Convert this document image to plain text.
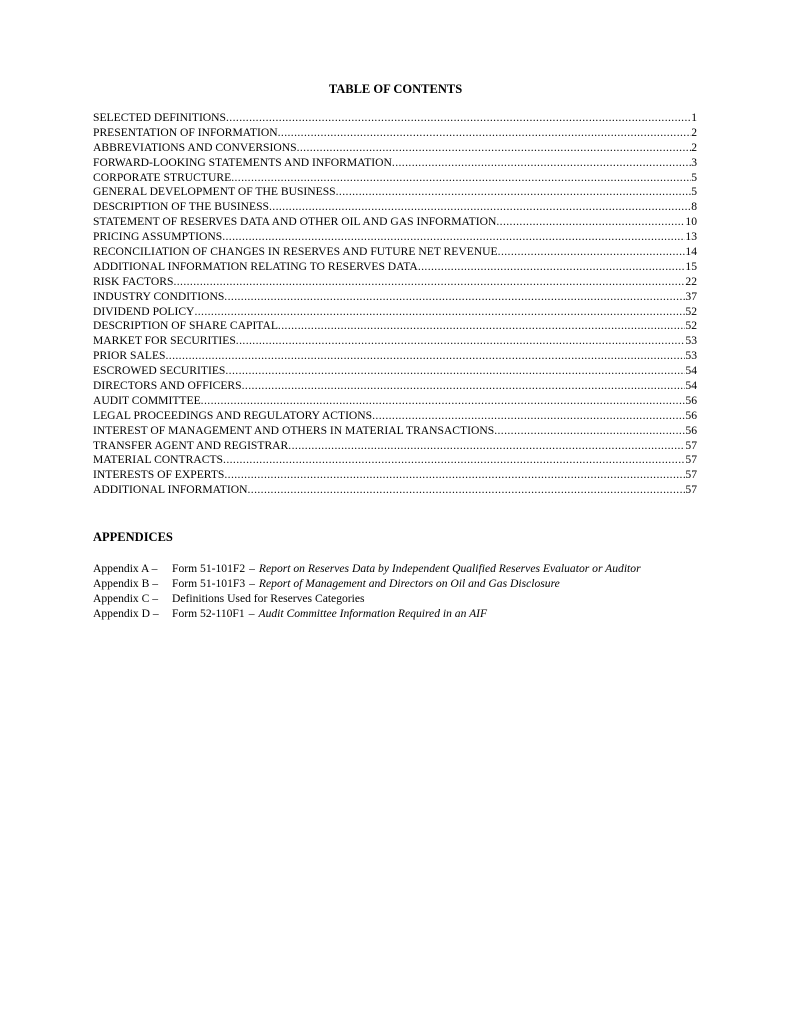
TABLE OF CONTENTS
SELECTED DEFINITIONS .....	1
PRESENTATION OF INFORMATION .....	2
ABBREVIATIONS AND CONVERSIONS .....	2
FORWARD-LOOKING STATEMENTS AND INFORMATION .....	3
CORPORATE STRUCTURE .....	5
GENERAL DEVELOPMENT OF THE BUSINESS .....	5
DESCRIPTION OF THE BUSINESS .....	8
STATEMENT OF RESERVES DATA AND OTHER OIL AND GAS INFORMATION .....	10
PRICING ASSUMPTIONS .....	13
RECONCILIATION OF CHANGES IN RESERVES AND FUTURE NET REVENUE .....	14
ADDITIONAL INFORMATION RELATING TO RESERVES DATA .....	15
RISK FACTORS .....	22
INDUSTRY CONDITIONS .....	37
DIVIDEND POLICY .....	52
DESCRIPTION OF SHARE CAPITAL .....	52
MARKET FOR SECURITIES .....	53
PRIOR SALES .....	53
ESCROWED SECURITIES .....	54
DIRECTORS AND OFFICERS .....	54
AUDIT COMMITTEE .....	56
LEGAL PROCEEDINGS AND REGULATORY ACTIONS .....	56
INTEREST OF MANAGEMENT AND OTHERS IN MATERIAL TRANSACTIONS .....	56
TRANSFER AGENT AND REGISTRAR .....	57
MATERIAL CONTRACTS .....	57
INTERESTS OF EXPERTS .....	57
ADDITIONAL INFORMATION .....	57
APPENDICES
Appendix A –	Form 51-101F2 – Report on Reserves Data by Independent Qualified Reserves Evaluator or Auditor
Appendix B –	Form 51-101F3 – Report of Management and Directors on Oil and Gas Disclosure
Appendix C –	Definitions Used for Reserves Categories
Appendix D –	Form 52-110F1 – Audit Committee Information Required in an AIF
